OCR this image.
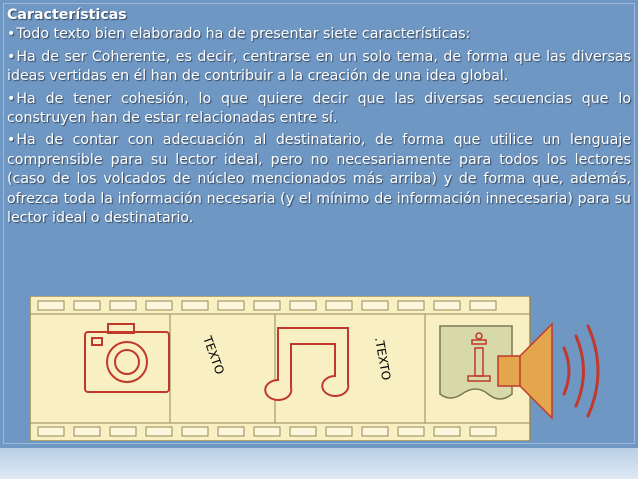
Características

•Todo texto bien elaborado ha de presentar siete características:

•Ha de ser Coherente, es decir, centrarse en un solo tema, de forma que las diversas ideas vertidas en él han de contribuir a la creación de una idea global.

•Ha de tener cohesión, lo que quiere decir que las diversas secuencias que lo construyen han de estar relacionadas entre sí.

•Ha de contar con adecuación al destinatario, de forma que utilice un lenguaje comprensible para su lector ideal, pero no necesariamente para todos los lectores (caso de los volcados de núcleo mencionados más arriba) y de forma que, además, ofrezca toda la información necesaria (y el mínimo de información innecesaria) para su lector ideal o destinatario.

TEXTO	.TEXTO
